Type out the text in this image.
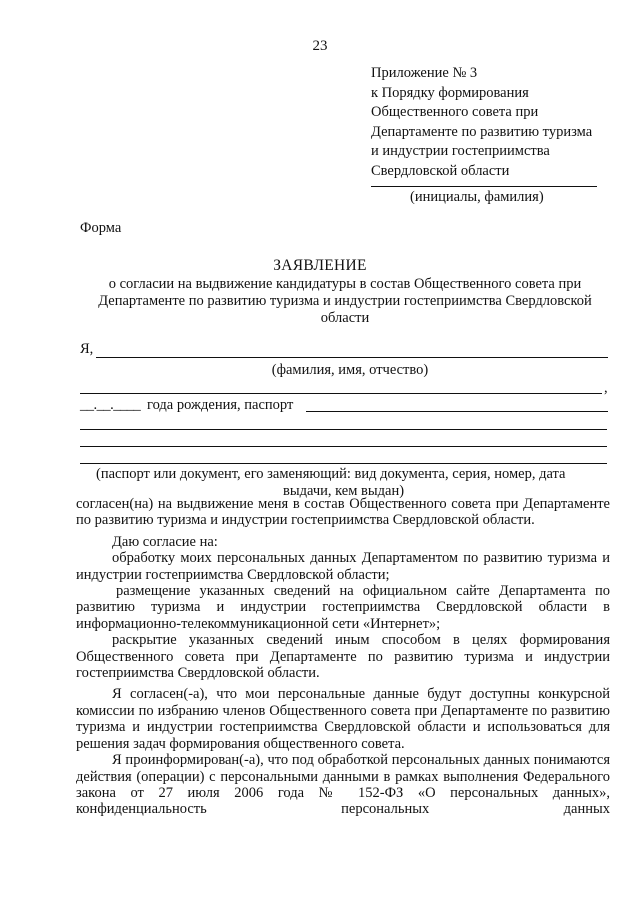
23
Приложение № 3
к Порядку формирования
Общественного совета при
Департаменте по развитию туризма
и индустрии гостеприимства
Свердловской области
(инициалы, фамилия)
Форма
ЗАЯВЛЕНИЕ
о согласии на выдвижение кандидатуры в состав Общественного совета при Департаменте по развитию туризма и индустрии гостеприимства Свердловской области
Я,
(фамилия, имя, отчество)
,
__.__.____ года рождения, паспорт
(паспорт или документ, его заменяющий: вид документа, серия, номер, дата
выдачи, кем выдан)

согласен(на) на выдвижение меня в состав Общественного совета при Департаменте по развитию туризма и индустрии гостеприимства Свердловской области.

Даю согласие на:

обработку моих персональных данных Департаментом по развитию туризма и индустрии гостеприимства Свердловской области;

размещение указанных сведений на официальном сайте Департамента по развитию туризма и индустрии гостеприимства Свердловской области в информационно-телекоммуникационной сети «Интернет»;

раскрытие указанных сведений иным способом в целях формирования Общественного совета при Департаменте по развитию туризма и индустрии гостеприимства Свердловской области.

Я согласен(-а), что мои персональные данные будут доступны конкурсной комиссии по избранию членов Общественного совета при Департаменте по развитию туризма и индустрии гостеприимства Свердловской области и использоваться для решения задач формирования общественного совета.

Я проинформирован(-а), что под обработкой персональных данных понимаются действия (операции) с персональными данными в рамках выполнения Федерального закона от 27 июля 2006 года № 152-ФЗ «О персональных данных», конфиденциальность персональных данных
